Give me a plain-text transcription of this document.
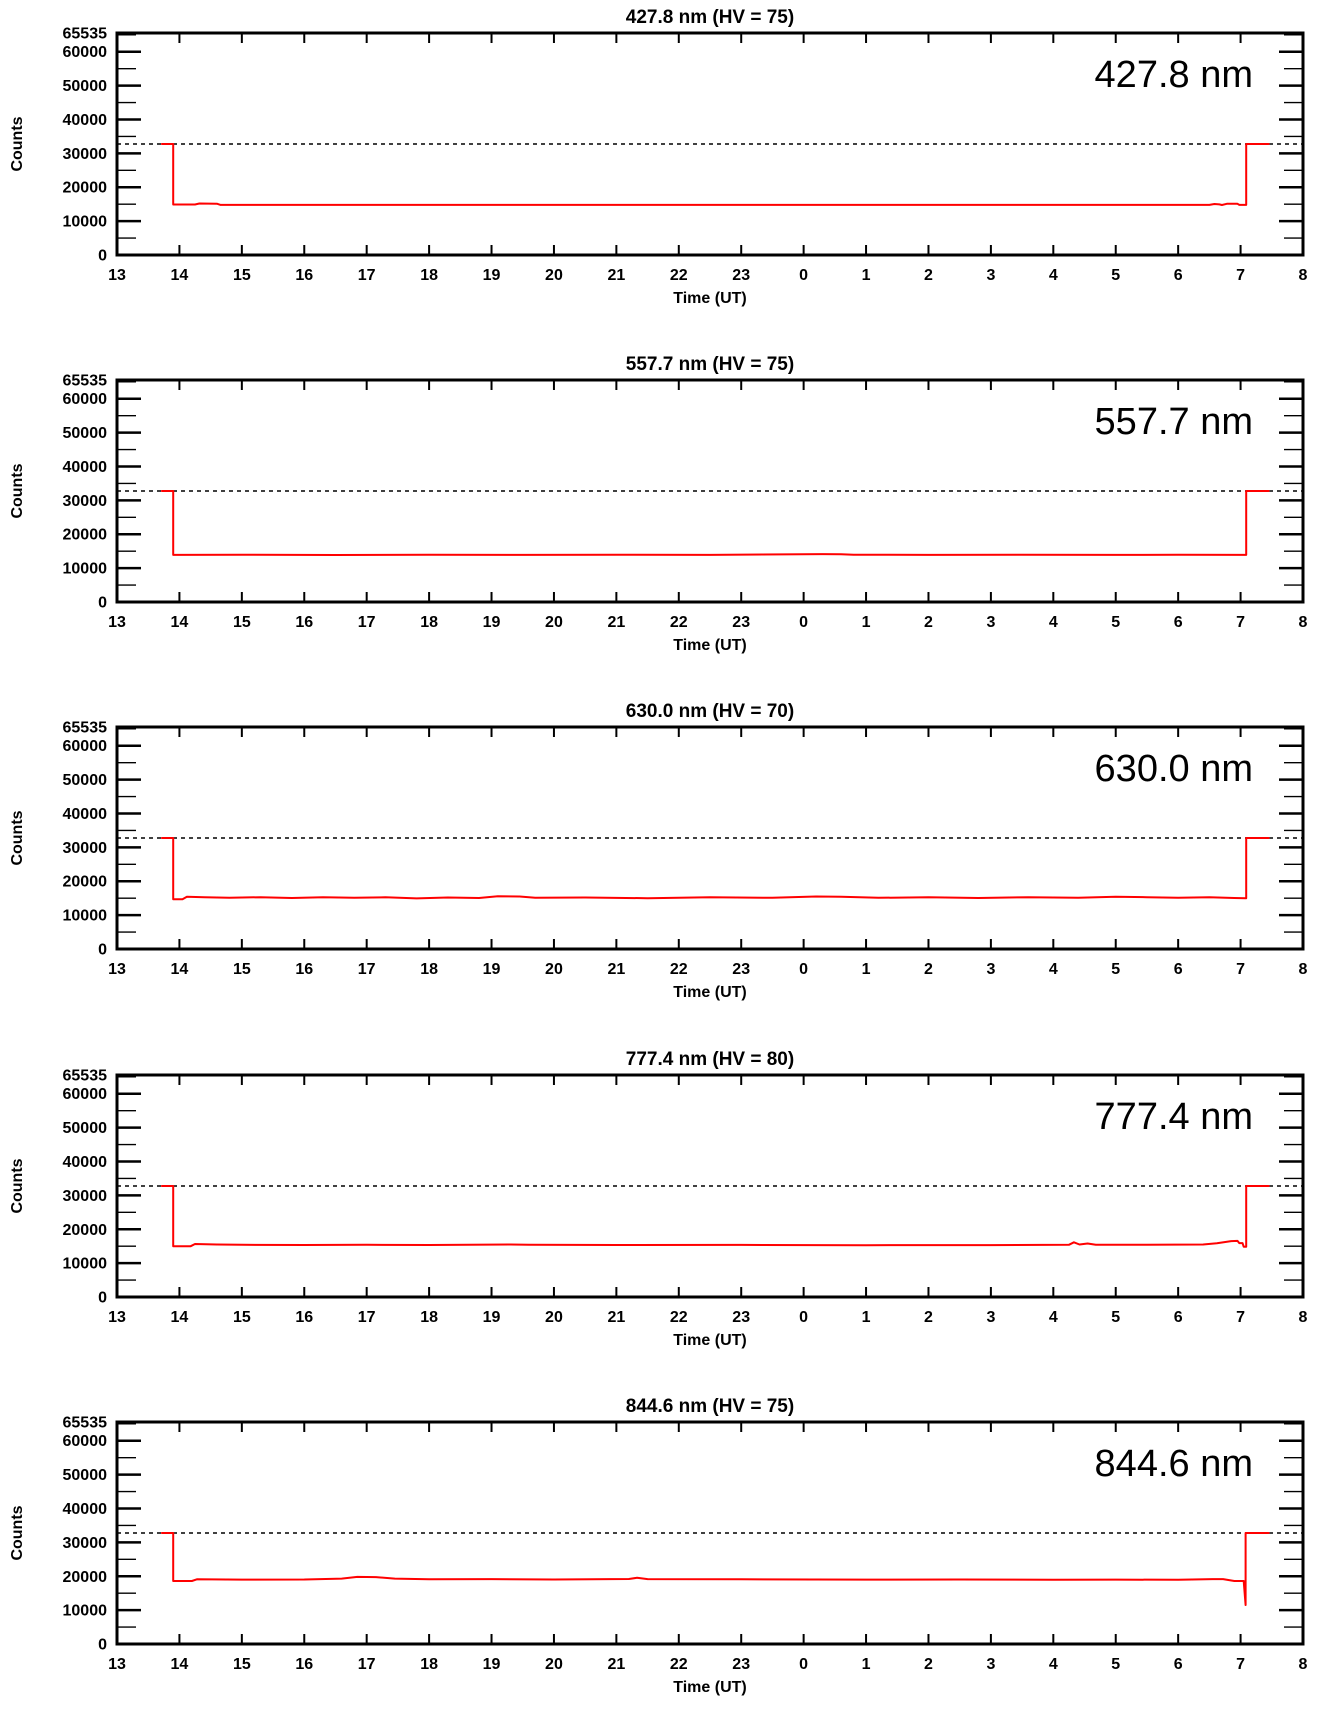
427.8 nm (HV = 75)
0
10000
20000
30000
40000
50000
60000
65535
13	14	15	16	17	18	19	20	21	22	23	0	1	2	3	4	5	6	7	8
Time (UT)
Counts
427.8 nm
557.7 nm (HV = 75)
0
10000
20000
30000
40000
50000
60000
65535
13	14	15	16	17	18	19	20	21	22	23	0	1	2	3	4	5	6	7	8
Time (UT)
Counts
557.7 nm
630.0 nm (HV = 70)
0
10000
20000
30000
40000
50000
60000
65535
13	14	15	16	17	18	19	20	21	22	23	0	1	2	3	4	5	6	7	8
Time (UT)
Counts
630.0 nm
777.4 nm (HV = 80)
0
10000
20000
30000
40000
50000
60000
65535
13	14	15	16	17	18	19	20	21	22	23	0	1	2	3	4	5	6	7	8
Time (UT)
Counts
777.4 nm
844.6 nm (HV = 75)
0
10000
20000
30000
40000
50000
60000
65535
13	14	15	16	17	18	19	20	21	22	23	0	1	2	3	4	5	6	7	8
Time (UT)
Counts
844.6 nm
